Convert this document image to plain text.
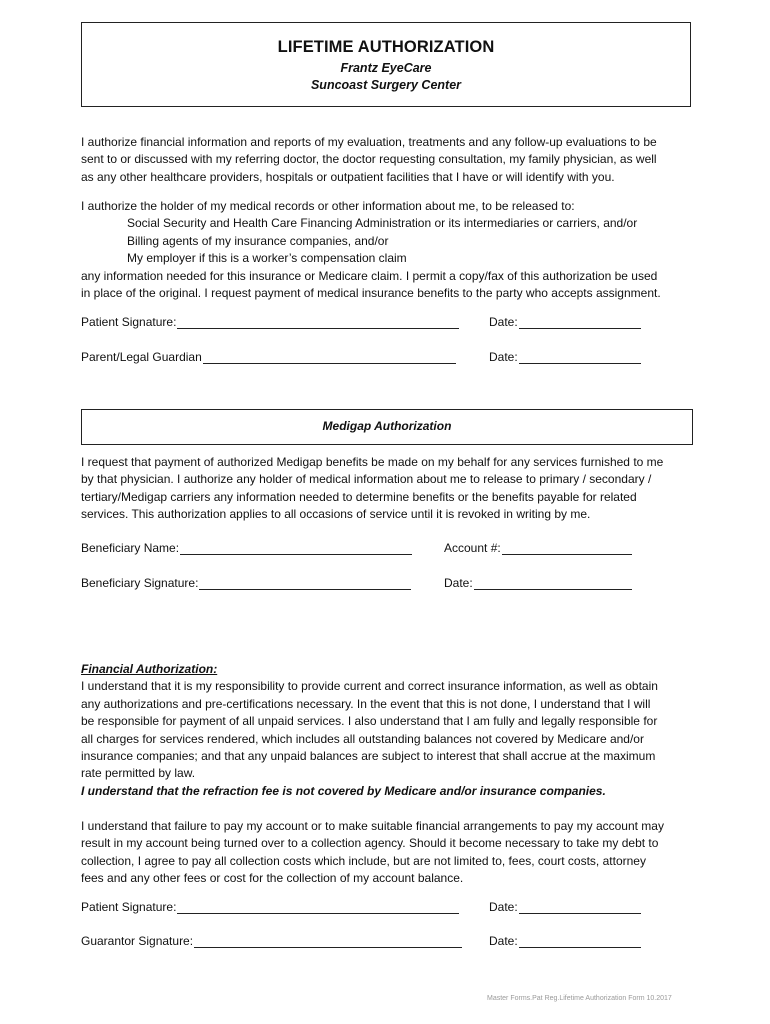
LIFETIME AUTHORIZATION
Frantz EyeCare
Suncoast Surgery Center
I authorize financial information and reports of my evaluation, treatments and any follow-up evaluations to be
sent to or discussed with my referring doctor, the doctor requesting consultation, my family physician, as well
as any other healthcare providers, hospitals or outpatient facilities that I have or will identify with you.
I authorize the holder of my medical records or other information about me, to be released to:
Social Security and Health Care Financing Administration or its intermediaries or carriers, and/or
Billing agents of my insurance companies, and/or
My employer if this is a worker’s compensation claim
any information needed for this insurance or Medicare claim. I permit a copy/fax of this authorization be used
in place of the original. I request payment of medical insurance benefits to the party who accepts assignment.
Patient Signature:	Date:
Parent/Legal Guardian	Date:
Medigap Authorization
I request that payment of authorized Medigap benefits be made on my behalf for any services furnished to me
by that physician. I authorize any holder of medical information about me to release to primary / secondary /
tertiary/Medigap carriers any information needed to determine benefits or the benefits payable for related
services. This authorization applies to all occasions of service until it is revoked in writing by me.
Beneficiary Name:	Account #:
Beneficiary Signature:	Date:
Financial Authorization:
I understand that it is my responsibility to provide current and correct insurance information, as well as obtain
any authorizations and pre-certifications necessary. In the event that this is not done, I understand that I will
be responsible for payment of all unpaid services. I also understand that I am fully and legally responsible for
all charges for services rendered, which includes all outstanding balances not covered by Medicare and/or
insurance companies; and that any unpaid balances are subject to interest that shall accrue at the maximum
rate permitted by law.
I understand that the refraction fee is not covered by Medicare and/or insurance companies.
I understand that failure to pay my account or to make suitable financial arrangements to pay my account may
result in my account being turned over to a collection agency. Should it become necessary to take my debt to
collection, I agree to pay all collection costs which include, but are not limited to, fees, court costs, attorney
fees and any other fees or cost for the collection of my account balance.
Patient Signature:	Date:
Guarantor Signature:	Date:
Master Forms.Pat Reg.Lifetime Authorization Form 10.2017
